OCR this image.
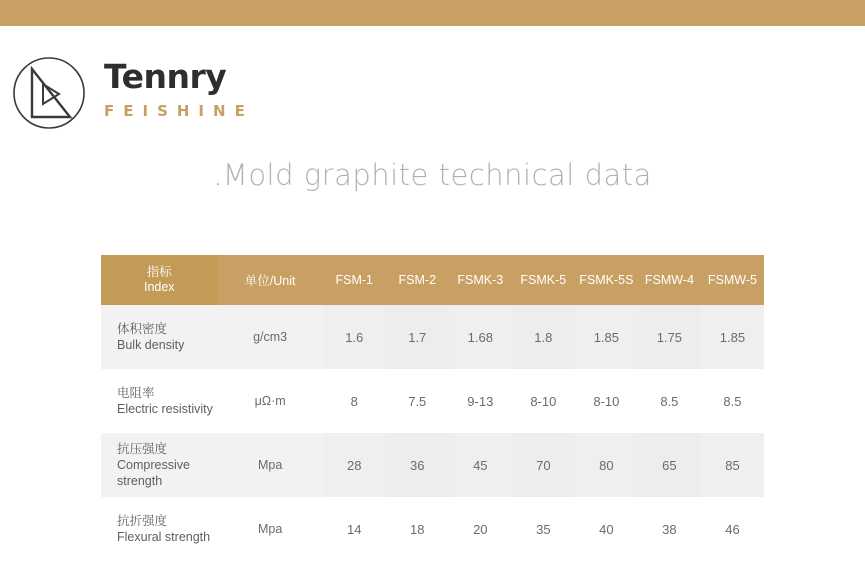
Tennry
FEISHINE
.Mold graphite technical data
指标
Index	单位/Unit	FSM-1	FSM-2	FSMK-3	FSMK-5	FSMK-5S	FSMW-4	FSMW-5

体积密度
Bulk density	g/cm3	1.6	1.7	1.68	1.8	1.85	1.75	1.85

电阻率
Electric resistivity	μΩ·m	8	7.5	9-13	8-10	8-10	8.5	8.5

抗压强度
Compressive strength	Mpa	28	36	45	70	80	65	85

抗折强度
Flexural strength	Mpa	14	18	20	35	40	38	46
